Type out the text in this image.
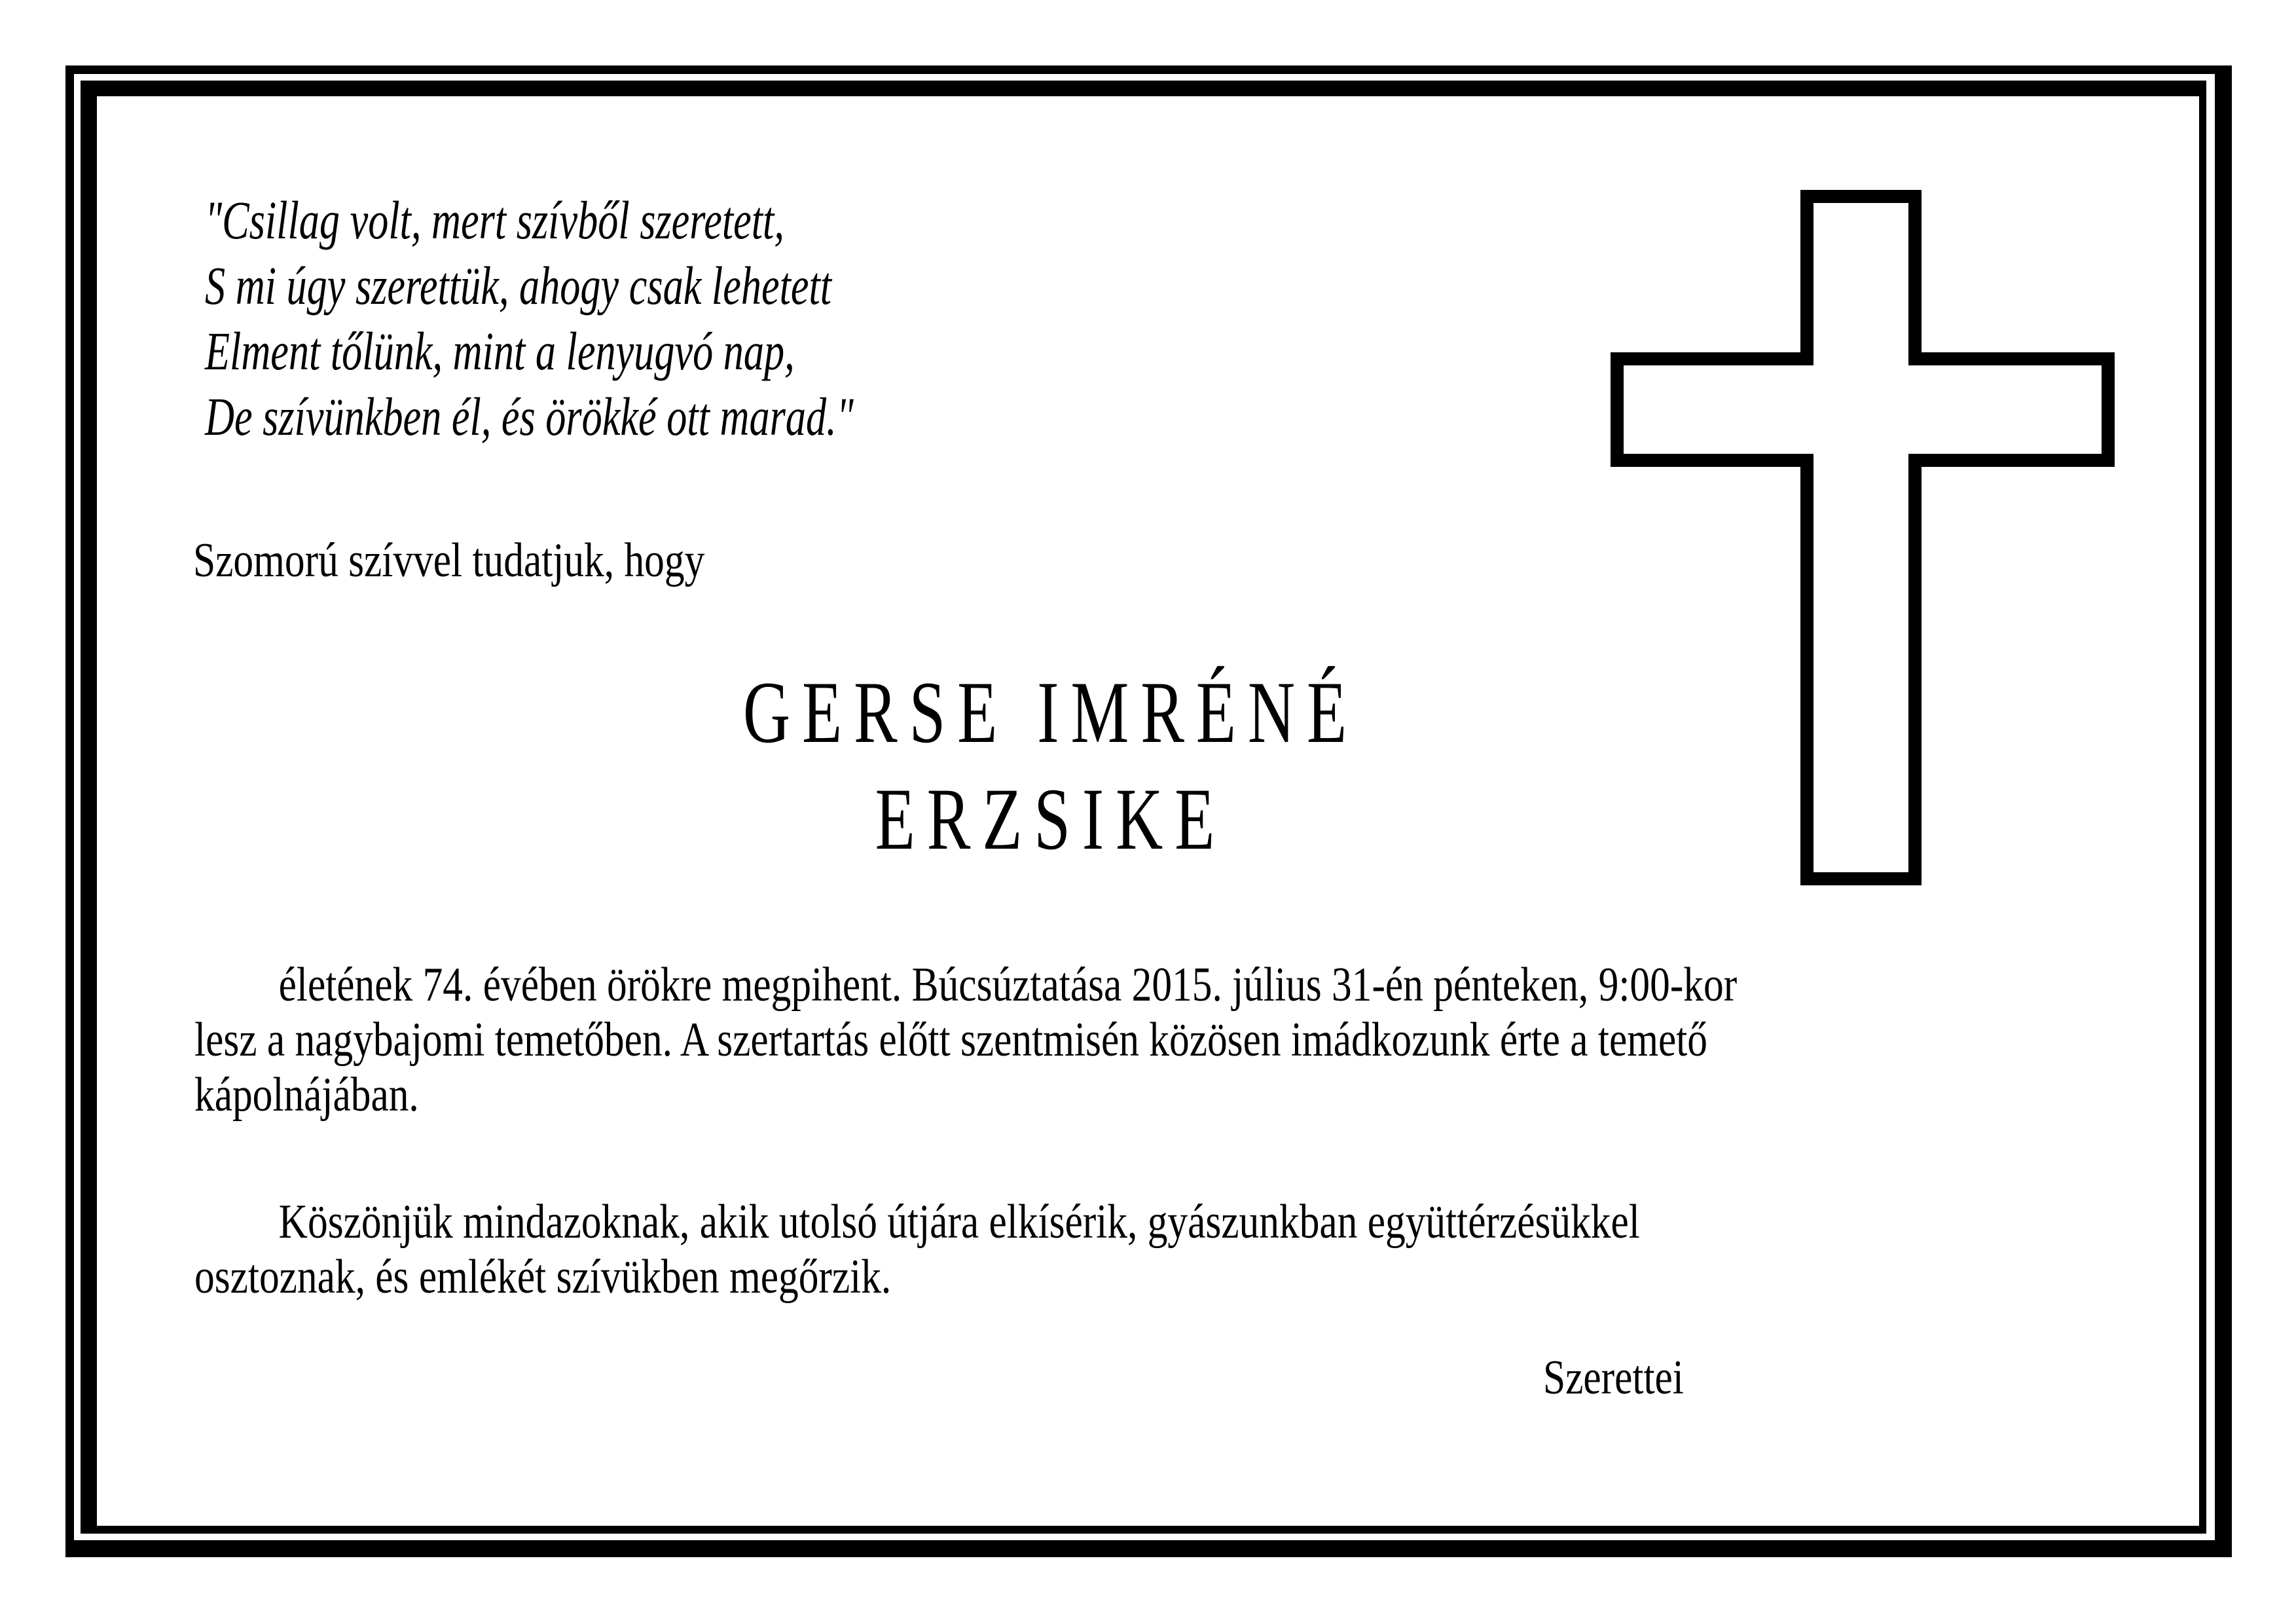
"Csillag volt, mert szívből szeretett,
S mi úgy szerettük, ahogy csak lehetett
Elment tőlünk, mint a lenyugvó nap,
De szívünkben él, és örökké ott marad."
Szomorú szívvel tudatjuk, hogy
GERSE IMRÉNÉ
ERZSIKE
életének 74. évében örökre megpihent. Búcsúztatása 2015. július 31-én pénteken, 9:00-kor
lesz a nagybajomi temetőben. A szertartás előtt szentmisén közösen imádkozunk érte a temető
kápolnájában.
Köszönjük mindazoknak, akik utolsó útjára elkísérik, gyászunkban együttérzésükkel
osztoznak, és emlékét szívükben megőrzik.
Szerettei
